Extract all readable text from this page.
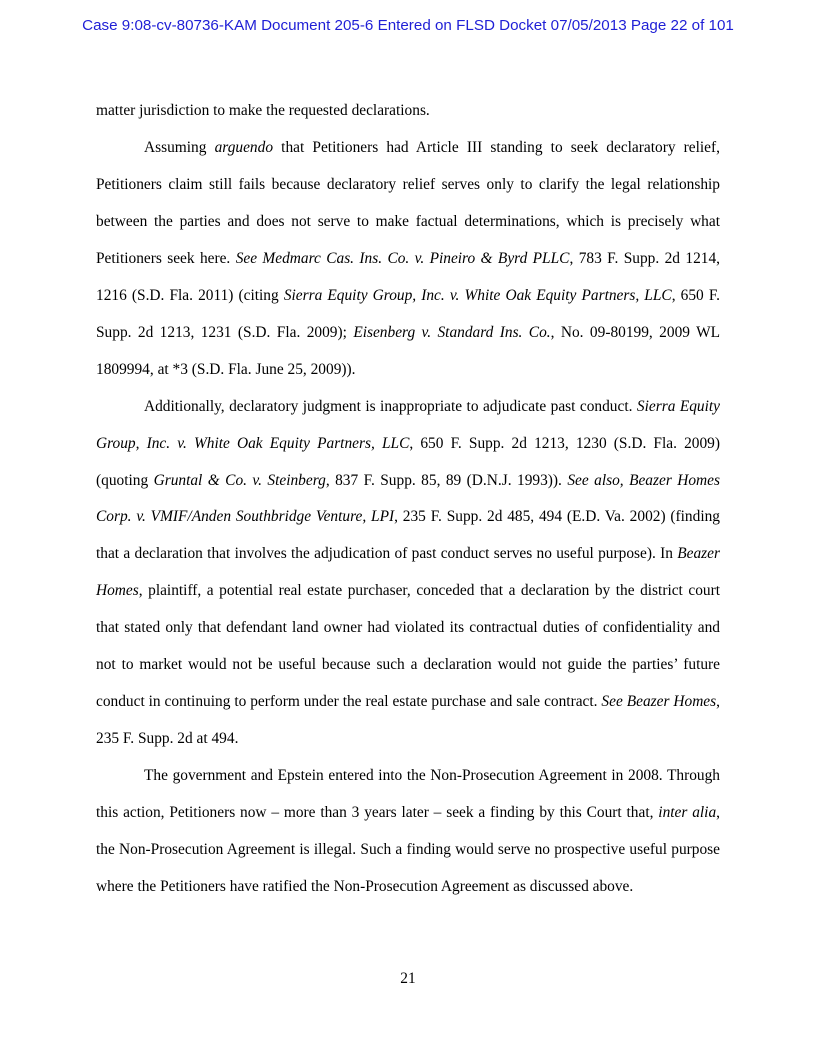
Case 9:08-cv-80736-KAM Document 205-6 Entered on FLSD Docket 07/05/2013 Page 22 of 101

matter jurisdiction to make the requested declarations.

Assuming arguendo that Petitioners had Article III standing to seek declaratory relief, Petitioners claim still fails because declaratory relief serves only to clarify the legal relationship between the parties and does not serve to make factual determinations, which is precisely what Petitioners seek here. See Medmarc Cas. Ins. Co. v. Pineiro & Byrd PLLC, 783 F. Supp. 2d 1214, 1216 (S.D. Fla. 2011) (citing Sierra Equity Group, Inc. v. White Oak Equity Partners, LLC, 650 F. Supp. 2d 1213, 1231 (S.D. Fla. 2009); Eisenberg v. Standard Ins. Co., No. 09-80199, 2009 WL 1809994, at *3 (S.D. Fla. June 25, 2009)).

Additionally, declaratory judgment is inappropriate to adjudicate past conduct. Sierra Equity Group, Inc. v. White Oak Equity Partners, LLC, 650 F. Supp. 2d 1213, 1230 (S.D. Fla. 2009) (quoting Gruntal & Co. v. Steinberg, 837 F. Supp. 85, 89 (D.N.J. 1993)). See also, Beazer Homes Corp. v. VMIF/Anden Southbridge Venture, LPI, 235 F. Supp. 2d 485, 494 (E.D. Va. 2002) (finding that a declaration that involves the adjudication of past conduct serves no useful purpose). In Beazer Homes, plaintiff, a potential real estate purchaser, conceded that a declaration by the district court that stated only that defendant land owner had violated its contractual duties of confidentiality and not to market would not be useful because such a declaration would not guide the parties’ future conduct in continuing to perform under the real estate purchase and sale contract. See Beazer Homes, 235 F. Supp. 2d at 494.

The government and Epstein entered into the Non-Prosecution Agreement in 2008. Through this action, Petitioners now – more than 3 years later – seek a finding by this Court that, inter alia, the Non-Prosecution Agreement is illegal. Such a finding would serve no prospective useful purpose where the Petitioners have ratified the Non-Prosecution Agreement as discussed above.

21
